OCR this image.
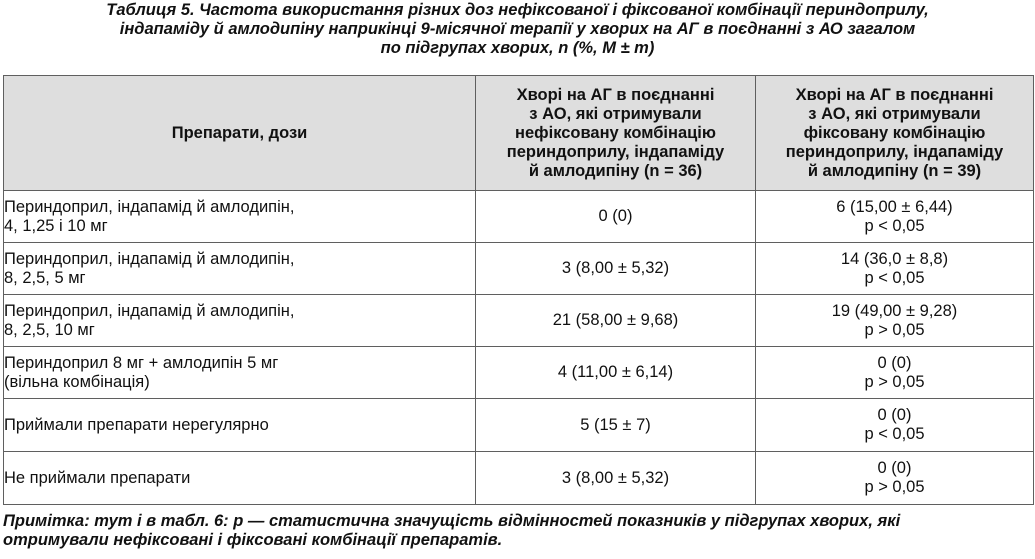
Таблиця 5. Частота використання різних доз нефіксованої і фіксованої комбінації периндоприлу,
індапаміду й амлодипіну наприкінці 9-місячної терапії у хворих на АГ в поєднанні з АО загалом
по підгрупах хворих, n (%, M ± m)
Препарати, дози	Хворі на АГ в поєднанні
з АО, які отримували
нефіксовану комбінацію
периндоприлу, індапаміду
й амлодипіну (n = 36)	Хворі на АГ в поєднанні
з АО, які отримували
фіксовану комбінацію
периндоприлу, індапаміду
й амлодипіну (n = 39)

Периндоприл, індапамід й амлодипін,
4, 1,25 і 10 мг	0 (0)	6 (15,00 ± 6,44)
p < 0,05

Периндоприл, індапамід й амлодипін,
8, 2,5, 5 мг	3 (8,00 ± 5,32)	14 (36,0 ± 8,8)
p < 0,05

Периндоприл, індапамід й амлодипін,
8, 2,5, 10 мг	21 (58,00 ± 9,68)	19 (49,00 ± 9,28)
p > 0,05

Периндоприл 8 мг + амлодипін 5 мг
(вільна комбінація)	4 (11,00 ± 6,14)	0 (0)
p > 0,05

Приймали препарати нерегулярно	5 (15 ± 7)	0 (0)
p < 0,05

Не приймали препарати	3 (8,00 ± 5,32)	0 (0)
p > 0,05
Примітка: тут і в табл. 6: p — статистична значущість відмінностей показників у підгрупах хворих, які
отримували нефіксовані і фіксовані комбінації препаратів.
